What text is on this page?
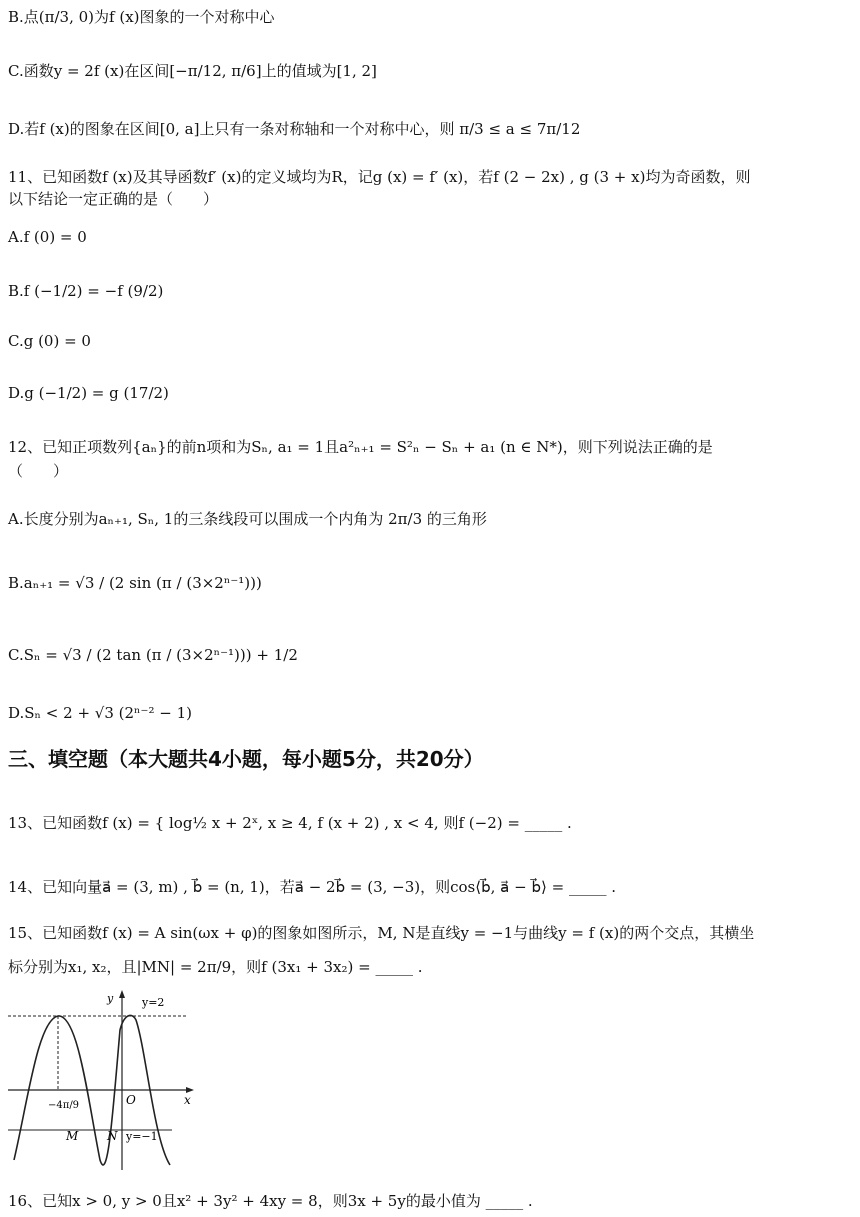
B.点(π/3, 0)为f (x)图象的一个对称中心
C.函数y = 2f (x)在区间[−π/12, π/6]上的值域为[1, 2]
D.若f (x)的图象在区间[0, a]上只有一条对称轴和一个对称中心，则 π/3 ≤ a ≤ 7π/12
11、已知函数f (x)及其导函数f′ (x)的定义域均为R，记g (x) = f′ (x)，若f (2 − 2x) , g (3 + x)均为奇函数，则
以下结论一定正确的是（　　）
A.f (0) = 0
B.f (−1/2) = −f (9/2)
C.g (0) = 0
D.g (−1/2) = g (17/2)
12、已知正项数列{aₙ}的前n项和为Sₙ, a₁ = 1且a²ₙ₊₁ = S²ₙ − Sₙ + a₁ (n ∈ N*)，则下列说法正确的是
（　　）
A.长度分别为aₙ₊₁, Sₙ, 1的三条线段可以围成一个内角为 2π/3 的三角形
B.aₙ₊₁ = √3 / (2 sin (π / (3×2ⁿ⁻¹)))
C.Sₙ = √3 / (2 tan (π / (3×2ⁿ⁻¹))) + 1/2
D.Sₙ < 2 + √3 (2ⁿ⁻² − 1)
三、填空题（本大题共4小题，每小题5分，共20分）
13、已知函数f (x) = { log½ x + 2ˣ, x ≥ 4, f (x + 2) , x < 4, 则f (−2) = _____ .
14、已知向量a⃗ = (3, m) , b⃗ = (n, 1)，若a⃗ − 2b⃗ = (3, −3)，则cos⟨b⃗, a⃗ − b⃗⟩ = _____ .
15、已知函数f (x) = A sin(ωx + φ)的图象如图所示，M, N是直线y = −1与曲线y = f (x)的两个交点，其横坐
标分别为x₁, x₂，且|MN| = 2π/9，则f (3x₁ + 3x₂) = _____ .
y
x
O
y=2
y=−1
−4π/9
M N
16、已知x > 0, y > 0且x² + 3y² + 4xy = 8，则3x + 5y的最小值为 _____ .
